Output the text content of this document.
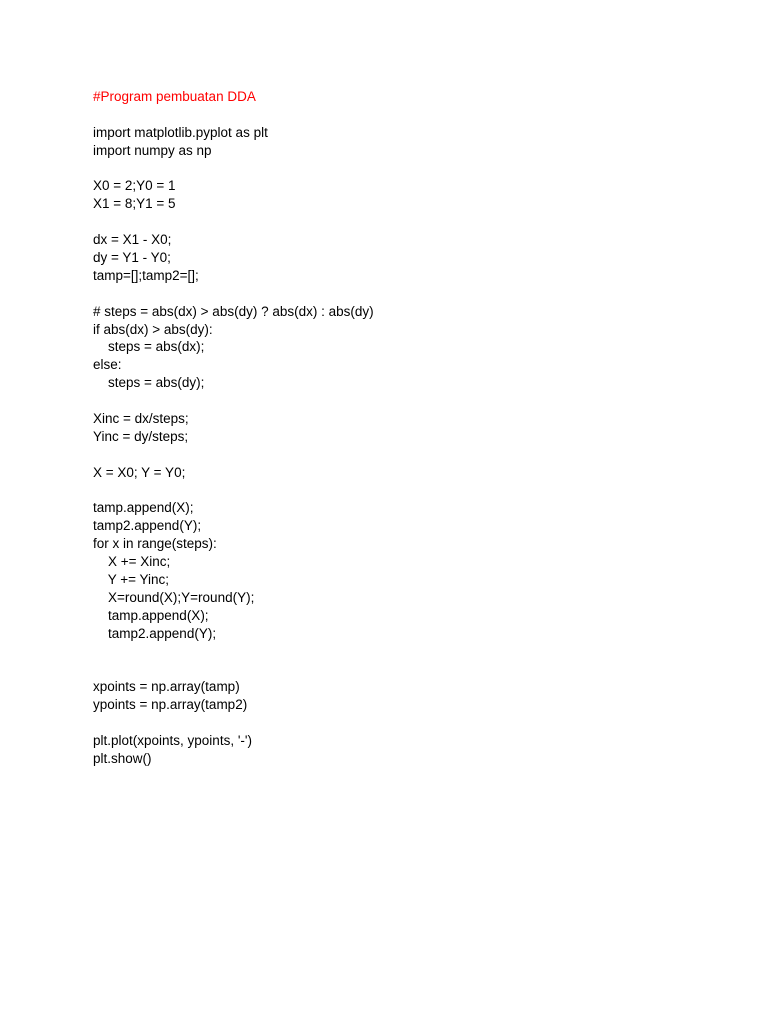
#Program pembuatan DDA
import matplotlib.pyplot as plt
import numpy as np
X0 = 2;Y0 = 1
X1 = 8;Y1 = 5
dx = X1 - X0;
dy = Y1 - Y0;
tamp=[];tamp2=[];
# steps = abs(dx) > abs(dy) ? abs(dx) : abs(dy)
if abs(dx) > abs(dy):
steps = abs(dx);
else:
steps = abs(dy);
Xinc = dx/steps;
Yinc = dy/steps;
X = X0; Y = Y0;
tamp.append(X);
tamp2.append(Y);
for x in range(steps):
X += Xinc;
Y += Yinc;
X=round(X);Y=round(Y);
tamp.append(X);
tamp2.append(Y);
xpoints = np.array(tamp)
ypoints = np.array(tamp2)
plt.plot(xpoints, ypoints, '-')
plt.show()
